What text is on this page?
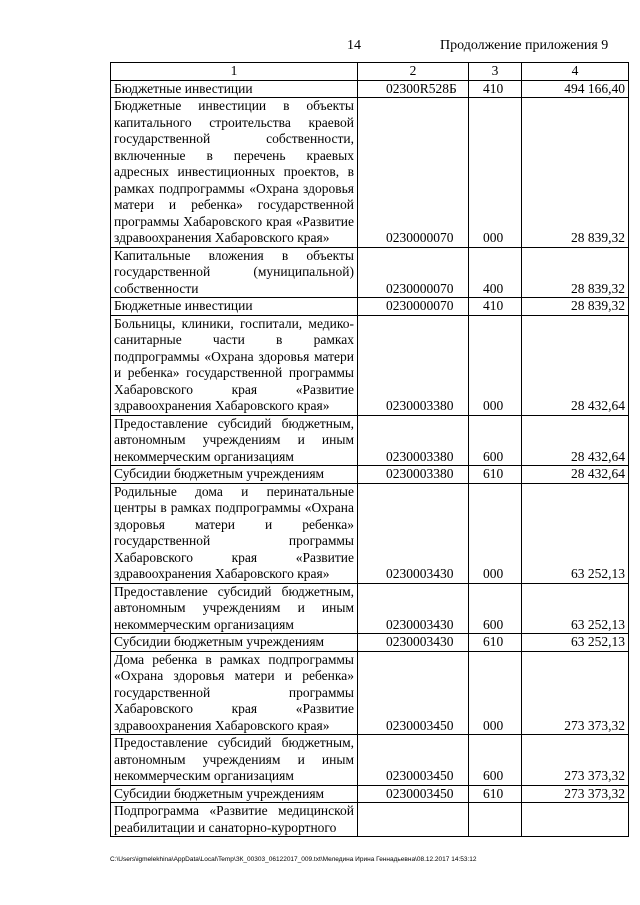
14	Продолжение приложения 9
1	2	3	4
Бюджетные инвестиции	02300R528Б	410	494 166,40
Бюджетные инвестиции в объекты капитального строительства краевой государственной собственности, включенные в перечень краевых адресных инвестиционных проектов, в рамках подпрограммы «Охрана здоровья матери и ребенка» государственной программы Хабаровского края «Развитие здравоохранения Хабаровского края»	0230000070	000	28 839,32
Капитальные вложения в объекты государственной (муниципальной) собственности	0230000070	400	28 839,32
Бюджетные инвестиции	0230000070	410	28 839,32
Больницы, клиники, госпитали, медико-санитарные части в рамках подпрограммы «Охрана здоровья матери и ребенка» государственной программы Хабаровского края «Развитие здравоохранения Хабаровского края»	0230003380	000	28 432,64
Предоставление субсидий бюджетным, автономным учреждениям и иным некоммерческим организациям	0230003380	600	28 432,64
Субсидии бюджетным учреждениям	0230003380	610	28 432,64
Родильные дома и перинатальные центры в рамках подпрограммы «Охрана здоровья матери и ребенка» государственной программы Хабаровского края «Развитие здравоохранения Хабаровского края»	0230003430	000	63 252,13
Предоставление субсидий бюджетным, автономным учреждениям и иным некоммерческим организациям	0230003430	600	63 252,13
Субсидии бюджетным учреждениям	0230003430	610	63 252,13
Дома ребенка в рамках подпрограммы «Охрана здоровья матери и ребенка» государственной программы Хабаровского края «Развитие здравоохранения Хабаровского края»	0230003450	000	273 373,32
Предоставление субсидий бюджетным, автономным учреждениям и иным некоммерческим организациям	0230003450	600	273 373,32
Субсидии бюджетным учреждениям	0230003450	610	273 373,32
Подпрограмма «Развитие медицинской реабилитации и санаторно-курортного			
C:\Users\igmelekhina\AppData\Local\Temp\ЗК_00303_06122017_009.txt\Меледина Ирина Геннадьевна\08.12.2017 14:53:12
